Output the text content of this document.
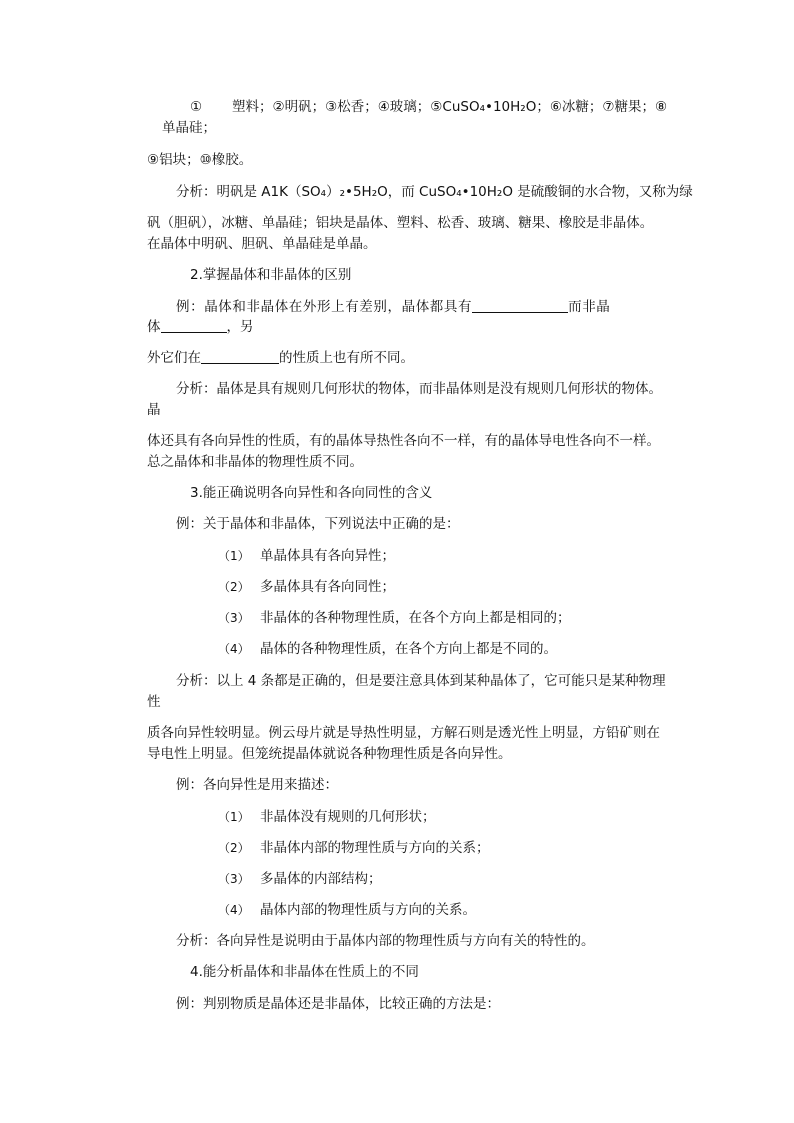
① 塑料；②明矾；③松香；④玻璃；⑤CuSO₄•10H₂O；⑥冰糖；⑦糖果；⑧
单晶硅；
⑨铝块；⑩橡胶。
分析：明矾是 A1K（SO₄）₂•5H₂O，而 CuSO₄•10H₂O 是硫酸铜的水合物，又称为绿
矾（胆矾），冰糖、单晶硅；铝块是晶体、塑料、松香、玻璃、糖果、橡胶是非晶体。
在晶体中明矾、胆矾、单晶硅是单晶。
2.掌握晶体和非晶体的区别
例：晶体和非晶体在外形上有差别，晶体都具有	而非晶
体	，另
外它们在	的性质上也有所不同。
分析：晶体是具有规则几何形状的物体，而非晶体则是没有规则几何形状的物体。
晶
体还具有各向异性的性质，有的晶体导热性各向不一样，有的晶体导电性各向不一样。
总之晶体和非晶体的物理性质不同。
3.能正确说明各向异性和各向同性的含义
例：关于晶体和非晶体，下列说法中正确的是：
（1） 单晶体具有各向异性；
（2） 多晶体具有各向同性；
（3） 非晶体的各种物理性质，在各个方向上都是相同的；
（4） 晶体的各种物理性质，在各个方向上都是不同的。
分析：以上 4 条都是正确的，但是要注意具体到某种晶体了，它可能只是某种物理
性
质各向异性较明显。例云母片就是导热性明显，方解石则是透光性上明显，方铅矿则在
导电性上明显。但笼统提晶体就说各种物理性质是各向异性。
例：各向异性是用来描述：
（1） 非晶体没有规则的几何形状；
（2） 非晶体内部的物理性质与方向的关系；
（3） 多晶体的内部结构；
（4） 晶体内部的物理性质与方向的关系。
分析：各向异性是说明由于晶体内部的物理性质与方向有关的特性的。
4.能分析晶体和非晶体在性质上的不同
例：判别物质是晶体还是非晶体，比较正确的方法是：
